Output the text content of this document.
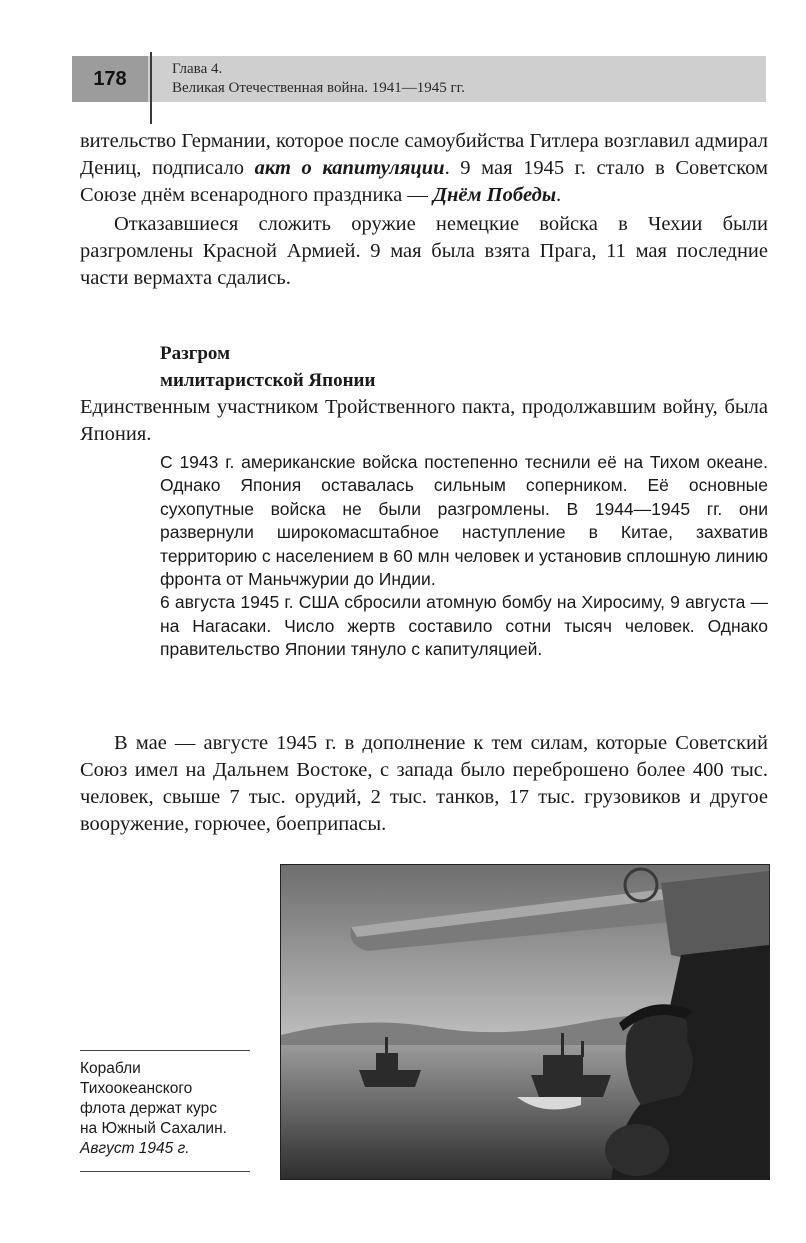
178	Глава 4.
Великая Отечественная война. 1941—1945 гг.

вительство Германии, которое после самоубийства Гитлера возглавил адмирал Дениц, подписало акт о капитуляции. 9 мая 1945 г. стало в Советском Союзе днём всенародного праздника — Днём Победы.

Отказавшиеся сложить оружие немецкие войска в Чехии были разгромлены Красной Армией. 9 мая была взята Прага, 11 мая последние части вермахта сдались.

Разгром
милитаристской Японии

Единственным участником Тройственного пакта, продолжавшим войну, была Япония.

С 1943 г. американские войска постепенно теснили её на Тихом океане. Однако Япония оставалась сильным соперником. Её основные сухопутные войска не были разгромлены. В 1944—1945 гг. они развернули широкомасштабное наступление в Китае, захватив территорию с населением в 60 млн человек и установив сплошную линию фронта от Маньчжурии до Индии.

6 августа 1945 г. США сбросили атомную бомбу на Хиросиму, 9 августа — на Нагасаки. Число жертв составило сотни тысяч человек. Однако правительство Японии тянуло с капитуляцией.

В мае — августе 1945 г. в дополнение к тем силам, которые Советский Союз имел на Дальнем Востоке, с запада было переброшено более 400 тыс. человек, свыше 7 тыс. орудий, 2 тыс. танков, 17 тыс. грузовиков и другое вооружение, горючее, боеприпасы.

Корабли
Тихоокеанского
флота держат курс
на Южный Сахалин.
Август 1945 г.
